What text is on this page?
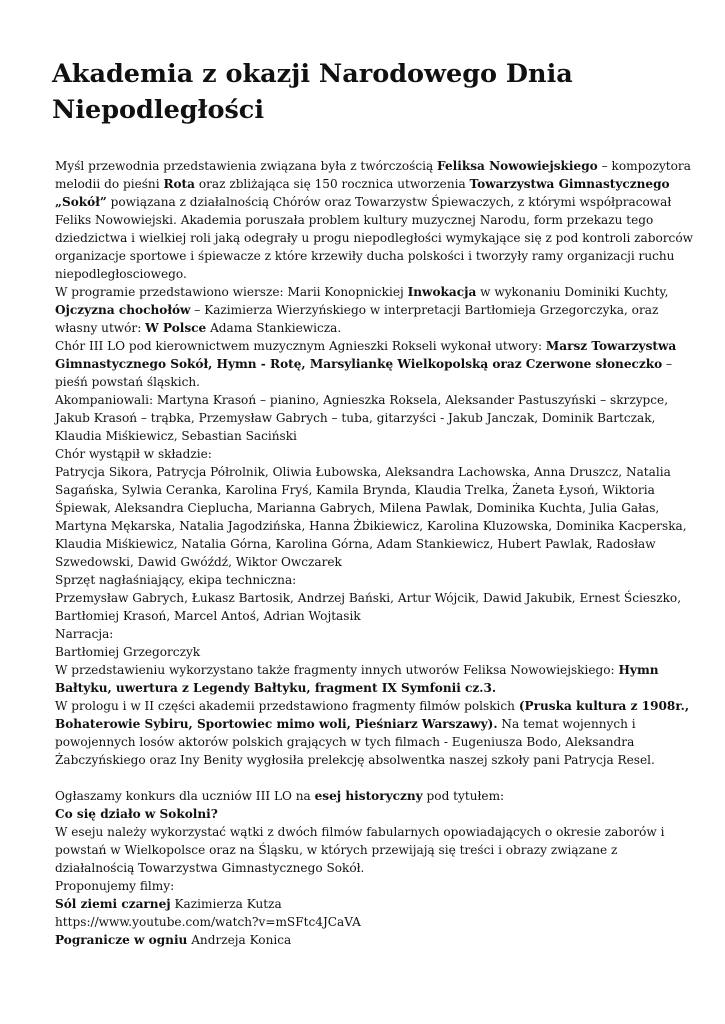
Akademia z okazji Narodowego Dnia Niepodległości

Myśl przewodnia przedstawienia związana była z twórczością Feliksa Nowowiejskiego – kompozytora melodii do pieśni Rota oraz zbliżająca się 150 rocznica utworzenia Towarzystwa Gimnastycznego „Sokół” powiązana z działalnością Chórów oraz Towarzystw Śpiewaczych, z którymi współpracował Feliks Nowowiejski. Akademia poruszała problem kultury muzycznej Narodu, form przekazu tego dziedzictwa i wielkiej roli jaką odegrały u progu niepodległości wymykające się z pod kontroli zaborców organizacje sportowe i śpiewacze z które krzewiły ducha polskości i tworzyły ramy organizacji ruchu niepodległosciowego.

W programie przedstawiono wiersze: Marii Konopnickiej Inwokacja w wykonaniu Dominiki Kuchty, Ojczyzna chochołów – Kazimierza Wierzyńskiego w interpretacji Bartłomieja Grzegorczyka, oraz własny utwór: W Polsce Adama Stankiewicza.

Chór III LO pod kierownictwem muzycznym Agnieszki Rokseli wykonał utwory: Marsz Towarzystwa Gimnastycznego Sokół, Hymn - Rotę, Marsyliankę Wielkopolską oraz Czerwone słoneczko – pieśń powstań śląskich.

Akompaniowali: Martyna Krasoń – pianino, Agnieszka Roksela, Aleksander Pastuszyński – skrzypce, Jakub Krasoń – trąbka, Przemysław Gabrych – tuba, gitarzyści - Jakub Janczak, Dominik Bartczak, Klaudia Miśkiewicz, Sebastian Saciński

Chór wystąpił w składzie:

Patrycja Sikora, Patrycja Półrolnik, Oliwia Łubowska, Aleksandra Lachowska, Anna Druszcz, Natalia Sagańska, Sylwia Ceranka, Karolina Fryś, Kamila Brynda, Klaudia Trelka, Żaneta Łysoń, Wiktoria Śpiewak, Aleksandra Cieplucha, Marianna Gabrych, Milena Pawlak, Dominika Kuchta, Julia Gałas, Martyna Mękarska, Natalia Jagodzińska, Hanna Żbikiewicz, Karolina Kluzowska, Dominika Kacperska, Klaudia Miśkiewicz, Natalia Górna, Karolina Górna, Adam Stankiewicz, Hubert Pawlak, Radosław Szwedowski, Dawid Gwóźdź, Wiktor Owczarek

Sprzęt nagłaśniający, ekipa techniczna:

Przemysław Gabrych, Łukasz Bartosik, Andrzej Bański, Artur Wójcik, Dawid Jakubik, Ernest Ścieszko, Bartłomiej Krasoń, Marcel Antoś, Adrian Wojtasik

Narracja:

Bartłomiej Grzegorczyk

W przedstawieniu wykorzystano także fragmenty innych utworów Feliksa Nowowiejskiego: Hymn Bałtyku, uwertura z Legendy Bałtyku, fragment IX Symfonii cz.3.

W prologu i w II części akademii przedstawiono fragmenty filmów polskich (Pruska kultura z 1908r., Bohaterowie Sybiru, Sportowiec mimo woli, Pieśniarz Warszawy). Na temat wojennych i powojennych losów aktorów polskich grających w tych filmach - Eugeniusza Bodo, Aleksandra Żabczyńskiego oraz Iny Benity wygłosiła prelekcję absolwentka naszej szkoły pani Patrycja Resel.

Ogłaszamy konkurs dla uczniów III LO na esej historyczny pod tytułem:

Co się działo w Sokolni?

W eseju należy wykorzystać wątki z dwóch filmów fabularnych opowiadających o okresie zaborów i powstań w Wielkopolsce oraz na Śląsku, w których przewijają się treści i obrazy związane z działalnością Towarzystwa Gimnastycznego Sokół.

Proponujemy filmy:

Sól ziemi czarnej Kazimierza Kutza

https://www.youtube.com/watch?v=mSFtc4JCaVA

Pogranicze w ogniu Andrzeja Konica
